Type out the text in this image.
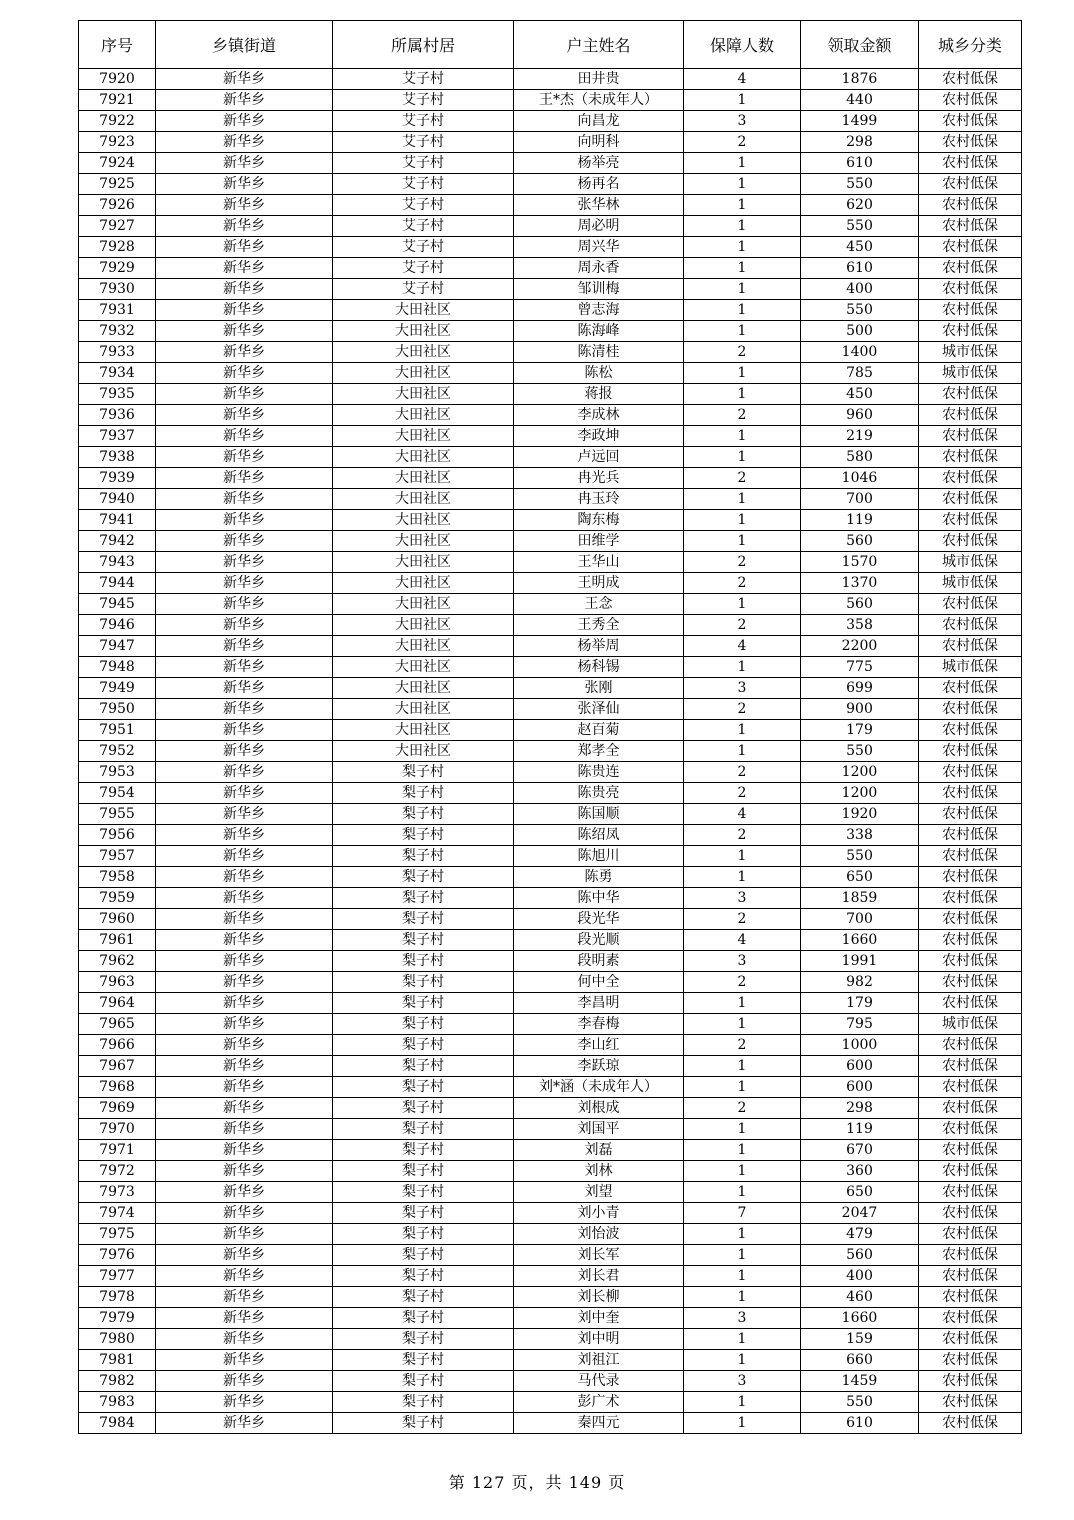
序号	乡镇街道	所属村居	户主姓名	保障人数	领取金额	城乡分类
7920	新华乡	艾子村	田井贵	4	1876	农村低保
7921	新华乡	艾子村	王*杰（未成年人）	1	440	农村低保
7922	新华乡	艾子村	向昌龙	3	1499	农村低保
7923	新华乡	艾子村	向明科	2	298	农村低保
7924	新华乡	艾子村	杨举亮	1	610	农村低保
7925	新华乡	艾子村	杨再名	1	550	农村低保
7926	新华乡	艾子村	张华林	1	620	农村低保
7927	新华乡	艾子村	周必明	1	550	农村低保
7928	新华乡	艾子村	周兴华	1	450	农村低保
7929	新华乡	艾子村	周永香	1	610	农村低保
7930	新华乡	艾子村	邹训梅	1	400	农村低保
7931	新华乡	大田社区	曾志海	1	550	农村低保
7932	新华乡	大田社区	陈海峰	1	500	农村低保
7933	新华乡	大田社区	陈清桂	2	1400	城市低保
7934	新华乡	大田社区	陈松	1	785	城市低保
7935	新华乡	大田社区	蒋报	1	450	农村低保
7936	新华乡	大田社区	李成林	2	960	农村低保
7937	新华乡	大田社区	李政坤	1	219	农村低保
7938	新华乡	大田社区	卢远回	1	580	农村低保
7939	新华乡	大田社区	冉光兵	2	1046	农村低保
7940	新华乡	大田社区	冉玉玲	1	700	农村低保
7941	新华乡	大田社区	陶东梅	1	119	农村低保
7942	新华乡	大田社区	田维学	1	560	农村低保
7943	新华乡	大田社区	王华山	2	1570	城市低保
7944	新华乡	大田社区	王明成	2	1370	城市低保
7945	新华乡	大田社区	王念	1	560	农村低保
7946	新华乡	大田社区	王秀全	2	358	农村低保
7947	新华乡	大田社区	杨举周	4	2200	农村低保
7948	新华乡	大田社区	杨科锡	1	775	城市低保
7949	新华乡	大田社区	张刚	3	699	农村低保
7950	新华乡	大田社区	张泽仙	2	900	农村低保
7951	新华乡	大田社区	赵百菊	1	179	农村低保
7952	新华乡	大田社区	郑孝全	1	550	农村低保
7953	新华乡	梨子村	陈贵连	2	1200	农村低保
7954	新华乡	梨子村	陈贵亮	2	1200	农村低保
7955	新华乡	梨子村	陈国顺	4	1920	农村低保
7956	新华乡	梨子村	陈绍凤	2	338	农村低保
7957	新华乡	梨子村	陈旭川	1	550	农村低保
7958	新华乡	梨子村	陈勇	1	650	农村低保
7959	新华乡	梨子村	陈中华	3	1859	农村低保
7960	新华乡	梨子村	段光华	2	700	农村低保
7961	新华乡	梨子村	段光顺	4	1660	农村低保
7962	新华乡	梨子村	段明素	3	1991	农村低保
7963	新华乡	梨子村	何中全	2	982	农村低保
7964	新华乡	梨子村	李昌明	1	179	农村低保
7965	新华乡	梨子村	李春梅	1	795	城市低保
7966	新华乡	梨子村	李山红	2	1000	农村低保
7967	新华乡	梨子村	李跃琼	1	600	农村低保
7968	新华乡	梨子村	刘*涵（未成年人）	1	600	农村低保
7969	新华乡	梨子村	刘根成	2	298	农村低保
7970	新华乡	梨子村	刘国平	1	119	农村低保
7971	新华乡	梨子村	刘磊	1	670	农村低保
7972	新华乡	梨子村	刘林	1	360	农村低保
7973	新华乡	梨子村	刘望	1	650	农村低保
7974	新华乡	梨子村	刘小青	7	2047	农村低保
7975	新华乡	梨子村	刘怡波	1	479	农村低保
7976	新华乡	梨子村	刘长军	1	560	农村低保
7977	新华乡	梨子村	刘长君	1	400	农村低保
7978	新华乡	梨子村	刘长柳	1	460	农村低保
7979	新华乡	梨子村	刘中奎	3	1660	农村低保
7980	新华乡	梨子村	刘中明	1	159	农村低保
7981	新华乡	梨子村	刘祖江	1	660	农村低保
7982	新华乡	梨子村	马代录	3	1459	农村低保
7983	新华乡	梨子村	彭广术	1	550	农村低保
7984	新华乡	梨子村	秦四元	1	610	农村低保
第 127 页，共 149 页
